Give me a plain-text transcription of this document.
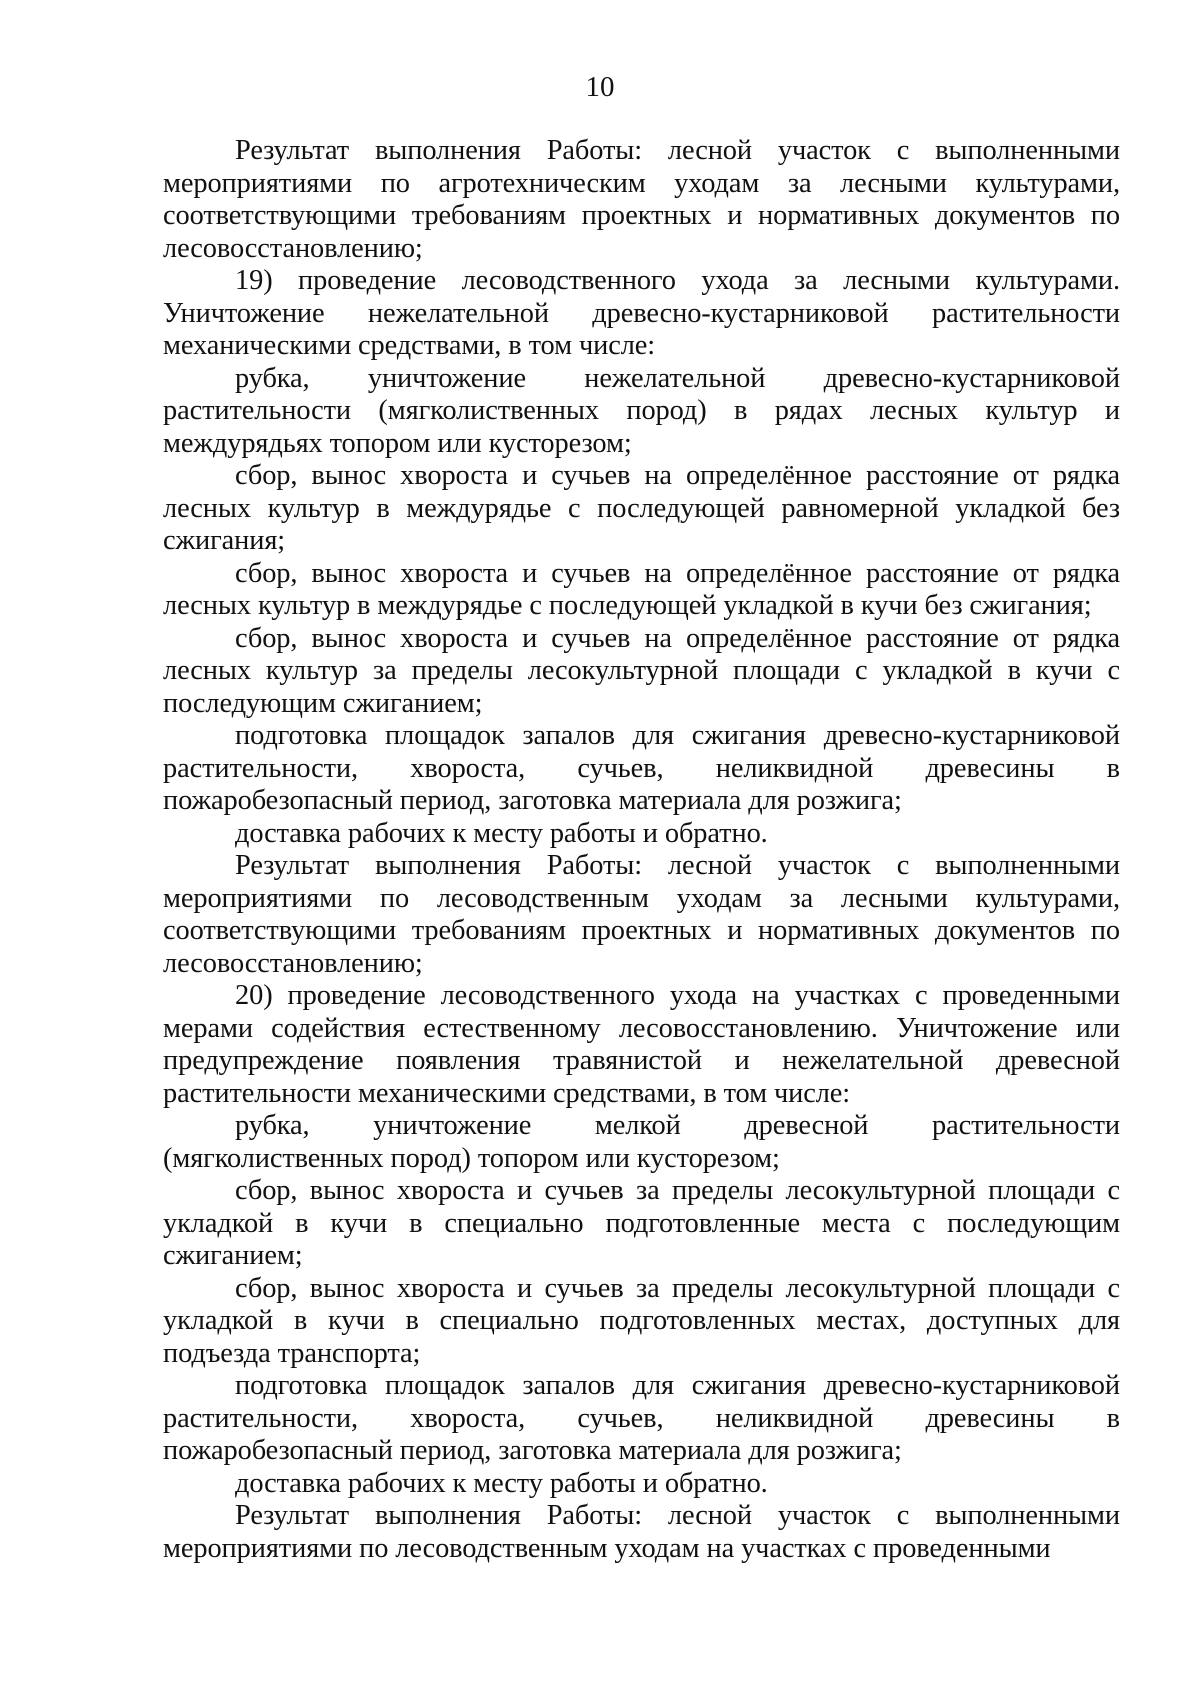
10

Результат выполнения Работы: лесной участок с выполненными мероприятиями по агротехническим уходам за лесными культурами, соответствующими требованиям проектных и нормативных документов по лесовосстановлению;

19) проведение лесоводственного ухода за лесными культурами. Уничтожение нежелательной древесно-кустарниковой растительности механическими средствами, в том числе:

рубка, уничтожение нежелательной древесно-кустарниковой растительности (мягколиственных пород) в рядах лесных культур и междурядьях топором или кусторезом;

сбор, вынос хвороста и сучьев на определённое расстояние от рядка лесных культур в междурядье с последующей равномерной укладкой без сжигания;

сбор, вынос хвороста и сучьев на определённое расстояние от рядка лесных культур в междурядье с последующей укладкой в кучи без сжигания;

сбор, вынос хвороста и сучьев на определённое расстояние от рядка лесных культур за пределы лесокультурной площади с укладкой в кучи с последующим сжиганием;

подготовка площадок запалов для сжигания древесно-кустарниковой растительности, хвороста, сучьев, неликвидной древесины в пожаробезопасный период, заготовка материала для розжига;

доставка рабочих к месту работы и обратно.

Результат выполнения Работы: лесной участок с выполненными мероприятиями по лесоводственным уходам за лесными культурами, соответствующими требованиям проектных и нормативных документов по лесовосстановлению;

20) проведение лесоводственного ухода на участках с проведенными мерами содействия естественному лесовосстановлению. Уничтожение или предупреждение появления травянистой и нежелательной древесной растительности механическими средствами, в том числе:

рубка, уничтожение мелкой древесной растительности (мягколиственных пород) топором или кусторезом;

сбор, вынос хвороста и сучьев за пределы лесокультурной площади с укладкой в кучи в специально подготовленные места с последующим сжиганием;

сбор, вынос хвороста и сучьев за пределы лесокультурной площади с укладкой в кучи в специально подготовленных местах, доступных для подъезда транспорта;

подготовка площадок запалов для сжигания древесно-кустарниковой растительности, хвороста, сучьев, неликвидной древесины в пожаробезопасный период, заготовка материала для розжига;

доставка рабочих к месту работы и обратно.

Результат выполнения Работы: лесной участок с выполненными мероприятиями по лесоводственным уходам на участках с проведенными
